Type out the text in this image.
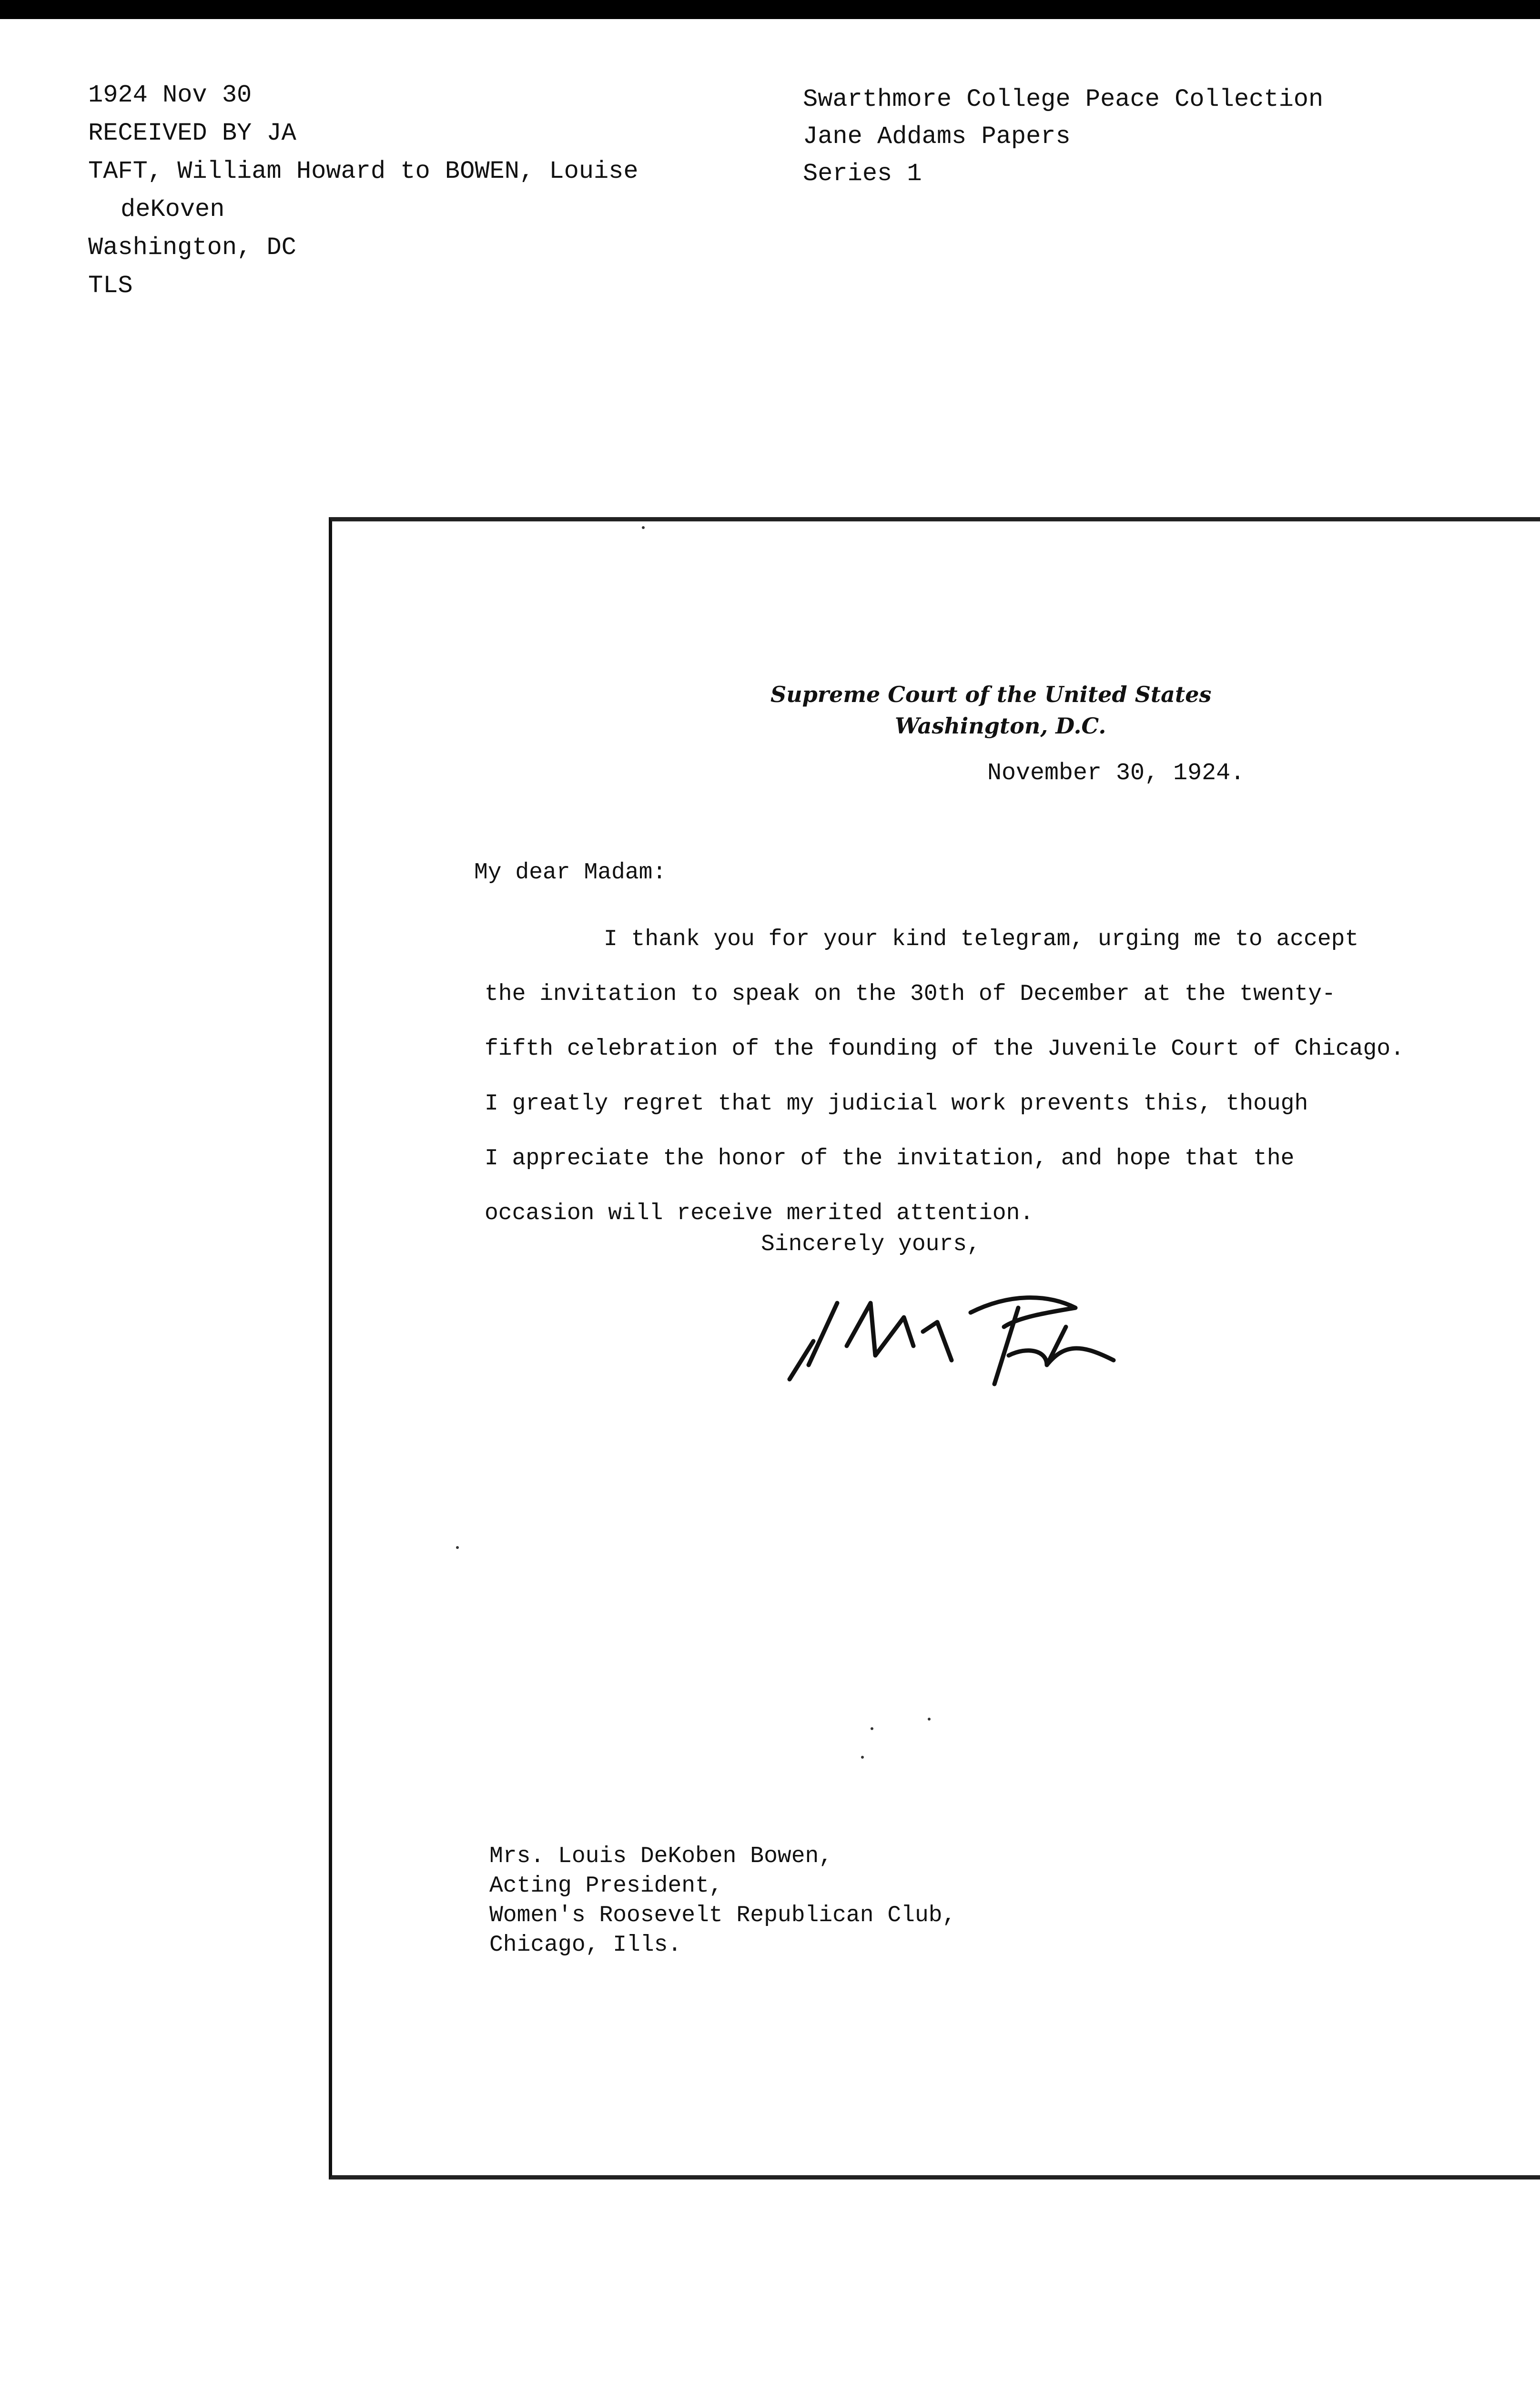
1924 Nov 30
RECEIVED BY JA
TAFT, William Howard to BOWEN, Louise
deKoven
Washington, DC
TLS
Swarthmore College Peace Collection
Jane Addams Papers
Series 1
Supreme Court of the United States
Washington, D.C.
November 30, 1924.
My dear Madam:
I thank you for your kind telegram, urging me to accept
the invitation to speak on the 30th of December at the twenty-
fifth celebration of the founding of the Juvenile Court of Chicago.
I greatly regret that my judicial work prevents this, though
I appreciate the honor of the invitation, and hope that the
occasion will receive merited attention.
Sincerely yours,
Mrs. Louis DeKoben Bowen,
Acting President,
Women's Roosevelt Republican Club,
Chicago, Ills.
